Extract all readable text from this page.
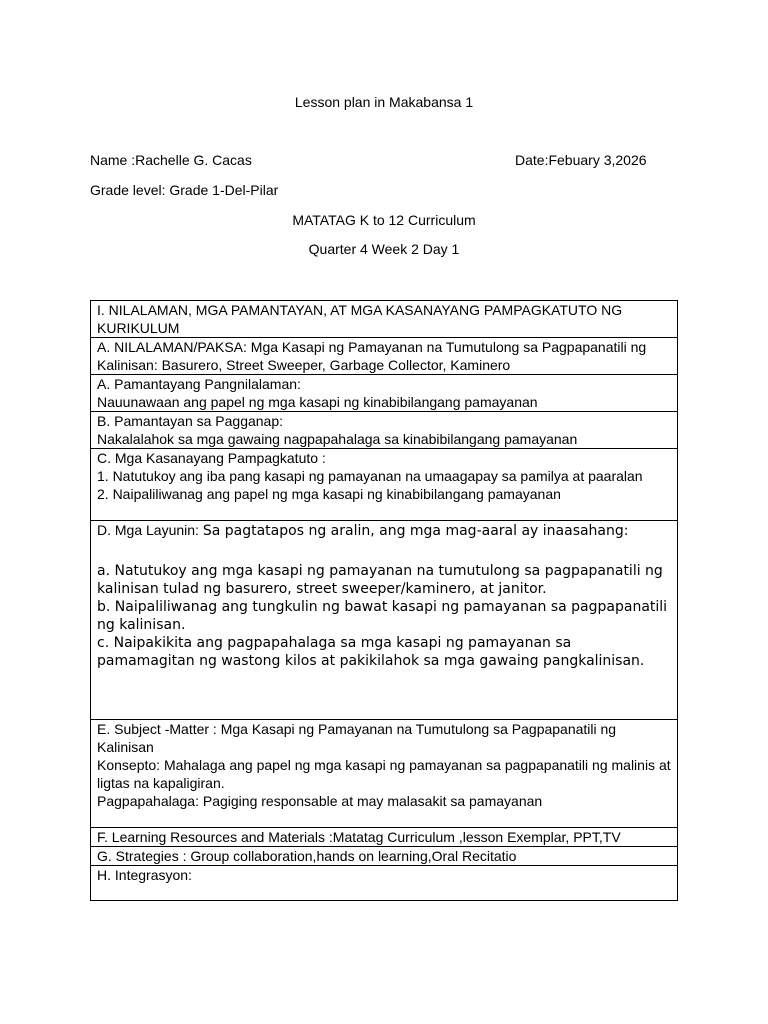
Lesson plan in Makabansa 1
Name :Rachelle G. Cacas	Date:Febuary 3,2026
Grade level: Grade 1-Del-Pilar
MATATAG K to 12 Curriculum
Quarter 4 Week 2 Day 1
I. NILALAMAN, MGA PAMANTAYAN, AT MGA KASANAYANG PAMPAGKATUTO NG KURIKULUM
A. NILALAMAN/PAKSA: Mga Kasapi ng Pamayanan na Tumutulong sa Pagpapanatili ng Kalinisan: Basurero, Street Sweeper, Garbage Collector, Kaminero

A. Pamantayang Pangnilalaman:
Nauunawaan ang papel ng mga kasapi ng kinabibilangang pamayanan

B. Pamantayan sa Pagganap:
Nakalalahok sa mga gawaing nagpapahalaga sa kinabibilangang pamayanan

C. Mga Kasanayang Pampagkatuto :
1. Natutukoy ang iba pang kasapi ng pamayanan na umaagapay sa pamilya at paaralan
2. Naipaliliwanag ang papel ng mga kasapi ng kinabibilangang pamayanan

D. Mga Layunin: Sa pagtatapos ng aralin, ang mga mag-aaral ay inaasahang:
a. Natutukoy ang mga kasapi ng pamayanan na tumutulong sa pagpapanatili ng kalinisan tulad ng basurero, street sweeper/kaminero, at janitor.
b. Naipaliliwanag ang tungkulin ng bawat kasapi ng pamayanan sa pagpapanatili ng kalinisan.
c. Naipakikita ang pagpapahalaga sa mga kasapi ng pamayanan sa pamamagitan ng wastong kilos at pakikilahok sa mga gawaing pangkalinisan.

E. Subject -Matter : Mga Kasapi ng Pamayanan na Tumutulong sa Pagpapanatili ng Kalinisan
Konsepto: Mahalaga ang papel ng mga kasapi ng pamayanan sa pagpapanatili ng malinis at ligtas na kapaligiran.
Pagpapahalaga: Pagiging responsable at may malasakit sa pamayanan

F. Learning Resources and Materials :Matatag Curriculum ,lesson Exemplar, PPT,TV
G. Strategies : Group collaboration,hands on learning,Oral Recitatio
H. Integrasyon:
